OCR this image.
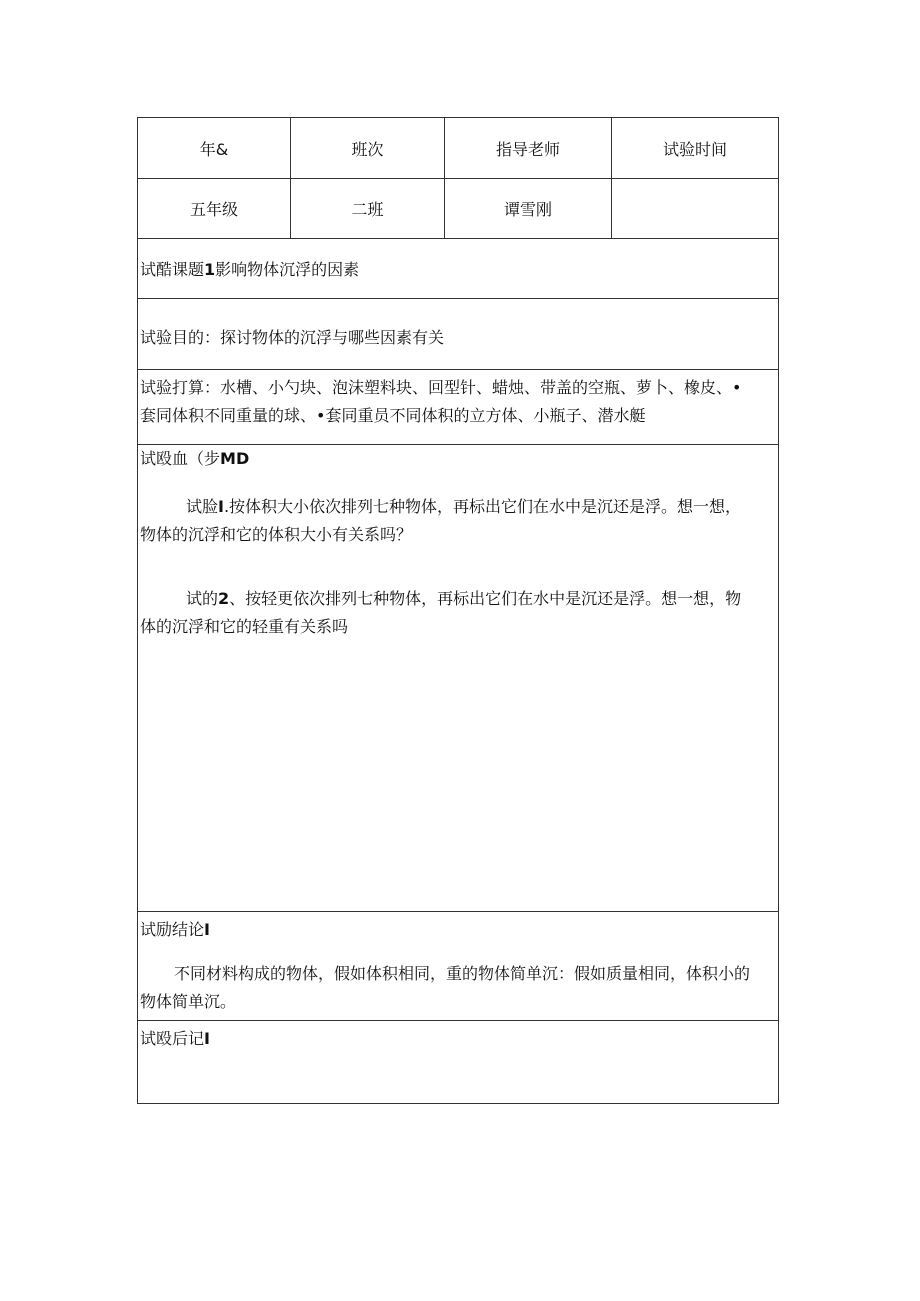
年&	班次	指导老师	试验时间
五年级	二班	谭雪刚
试酷课题1影响物体沉浮的因素
试验目的：探讨物体的沉浮与哪些因素有关
试验打算：水槽、小勺块、泡沫塑料块、回型针、蜡烛、带盖的空瓶、萝卜、橡皮、•
套同体积不同重量的球、•套同重员不同体积的立方体、小瓶子、潜水艇
试殴血（步MD
试脸I.按体积大小依次排列七种物体，再标出它们在水中是沉还是浮。想一想，
物体的沉浮和它的体积大小有关系吗？
试的2、按轻更依次排列七种物体，再标出它们在水中是沉还是浮。想一想，物
体的沉浮和它的轻重有关系吗
试励结论I
不同材料构成的物体，假如体积相同，重的物体简单沉：假如质量相同，体积小的
物体简单沉。
试殴后记I
